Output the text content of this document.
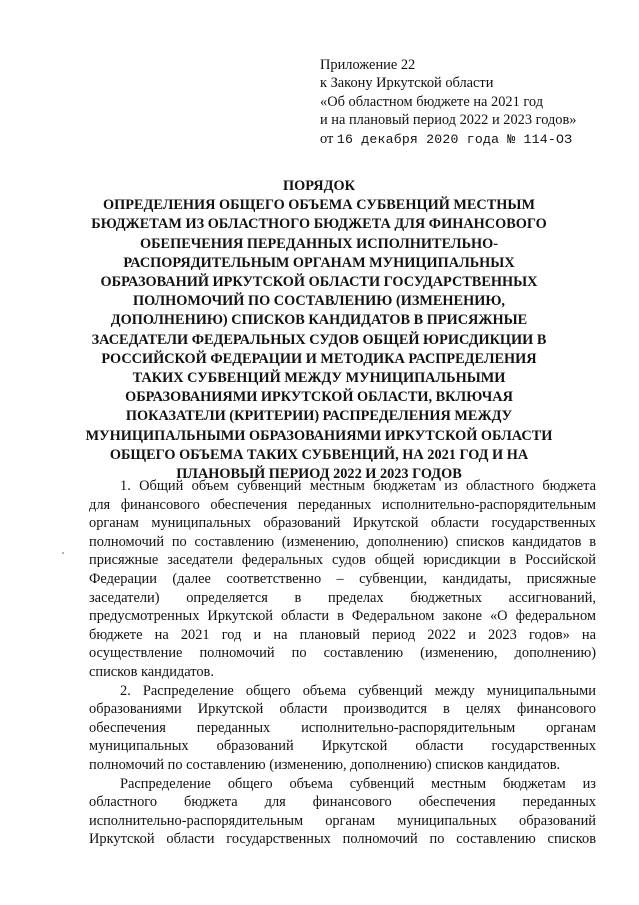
Приложение 22
к Закону Иркутской области
«Об областном бюджете на 2021 год
и на плановый период 2022 и 2023 годов»
от 16 декабря 2020 года № 114-ОЗ
ПОРЯДОК
ОПРЕДЕЛЕНИЯ ОБЩЕГО ОБЪЕМА СУБВЕНЦИЙ МЕСТНЫМ
БЮДЖЕТАМ ИЗ ОБЛАСТНОГО БЮДЖЕТА ДЛЯ ФИНАНСОВОГО
ОБЕПЕЧЕНИЯ ПЕРЕДАННЫХ ИСПОЛНИТЕЛЬНО-
РАСПОРЯДИТЕЛЬНЫМ ОРГАНАМ МУНИЦИПАЛЬНЫХ
ОБРАЗОВАНИЙ ИРКУТСКОЙ ОБЛАСТИ ГОСУДАРСТВЕННЫХ
ПОЛНОМОЧИЙ ПО СОСТАВЛЕНИЮ (ИЗМЕНЕНИЮ,
ДОПОЛНЕНИЮ) СПИСКОВ КАНДИДАТОВ В ПРИСЯЖНЫЕ
ЗАСЕДАТЕЛИ ФЕДЕРАЛЬНЫХ СУДОВ ОБЩЕЙ ЮРИСДИКЦИИ В
РОССИЙСКОЙ ФЕДЕРАЦИИ И МЕТОДИКА РАСПРЕДЕЛЕНИЯ
ТАКИХ СУБВЕНЦИЙ МЕЖДУ МУНИЦИПАЛЬНЫМИ
ОБРАЗОВАНИЯМИ ИРКУТСКОЙ ОБЛАСТИ, ВКЛЮЧАЯ
ПОКАЗАТЕЛИ (КРИТЕРИИ) РАСПРЕДЕЛЕНИЯ МЕЖДУ
МУНИЦИПАЛЬНЫМИ ОБРАЗОВАНИЯМИ ИРКУТСКОЙ ОБЛАСТИ
ОБЩЕГО ОБЪЕМА ТАКИХ СУБВЕНЦИЙ, НА 2021 ГОД И НА
ПЛАНОВЫЙ ПЕРИОД 2022 И 2023 ГОДОВ
1. Общий объем субвенций местным бюджетам из областного бюджета
для финансового обеспечения переданных исполнительно-распорядительным
органам муниципальных образований Иркутской области государственных
полномочий по составлению (изменению, дополнению) списков кандидатов в
присяжные заседатели федеральных судов общей юрисдикции в Российской
Федерации (далее соответственно – субвенции, кандидаты, присяжные
заседатели) определяется в пределах бюджетных ассигнований,
предусмотренных Иркутской области в Федеральном законе «О федеральном
бюджете на 2021 год и на плановый период 2022 и 2023 годов» на
осуществление полномочий по составлению (изменению, дополнению)
списков кандидатов.
2. Распределение общего объема субвенций между муниципальными
образованиями Иркутской области производится в целях финансового
обеспечения переданных исполнительно-распорядительным органам
муниципальных образований Иркутской области государственных
полномочий по составлению (изменению, дополнению) списков кандидатов.
Распределение общего объема субвенций местным бюджетам из
областного бюджета для финансового обеспечения переданных
исполнительно-распорядительным органам муниципальных образований
Иркутской области государственных полномочий по составлению списков
